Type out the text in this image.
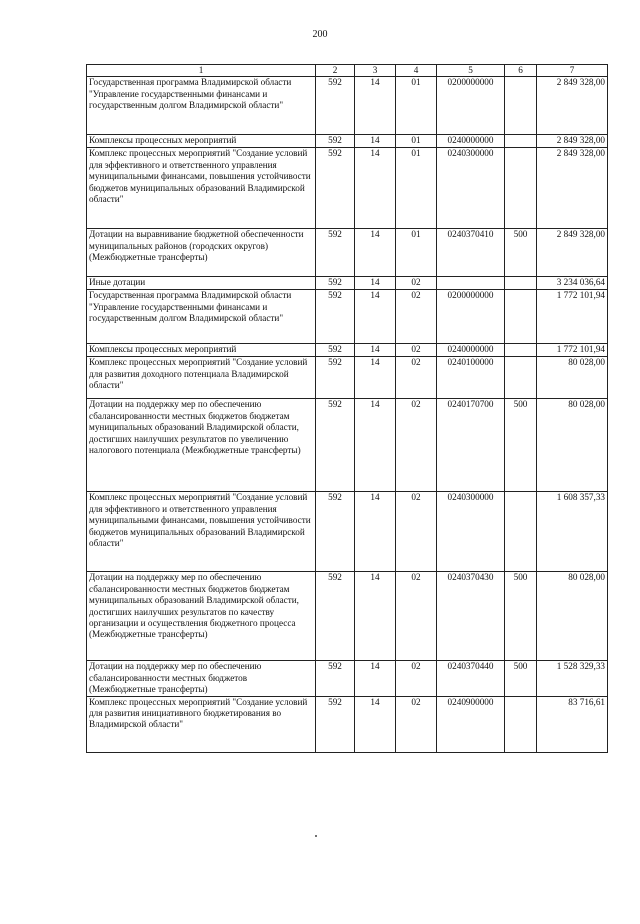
200
1	2	3	4	5	6	7
Государственная программа Владимирской области "Управление государственными финансами и государственным долгом Владимирской области"	592	14	01	0200000000		2 849 328,00
Комплексы процессных мероприятий	592	14	01	0240000000		2 849 328,00
Комплекс процессных мероприятий "Создание условий для эффективного и ответственного управления муниципальными финансами, повышения устойчивости бюджетов муниципальных образований Владимирской области"	592	14	01	0240300000		2 849 328,00
Дотации на выравнивание бюджетной обеспеченности муниципальных районов (городских округов) (Межбюджетные трансферты)	592	14	01	0240370410	500	2 849 328,00
Иные дотации	592	14	02			3 234 036,64
Государственная программа Владимирской области "Управление государственными финансами и государственным долгом Владимирской области"	592	14	02	0200000000		1 772 101,94
Комплексы процессных мероприятий	592	14	02	0240000000		1 772 101,94
Комплекс процессных мероприятий "Создание условий для развития доходного потенциала Владимирской области"	592	14	02	0240100000		80 028,00
Дотации на поддержку мер по обеспечению сбалансированности местных бюджетов бюджетам муниципальных образований Владимирской области, достигших наилучших результатов по увеличению налогового потенциала (Межбюджетные трансферты)	592	14	02	0240170700	500	80 028,00
Комплекс процессных мероприятий "Создание условий для эффективного и ответственного управления муниципальными финансами, повышения устойчивости бюджетов муниципальных образований Владимирской области"	592	14	02	0240300000		1 608 357,33
Дотации на поддержку мер по обеспечению сбалансированности местных бюджетов бюджетам муниципальных образований Владимирской области, достигших наилучших результатов по качеству организации и осуществления бюджетного процесса (Межбюджетные трансферты)	592	14	02	0240370430	500	80 028,00
Дотации на поддержку мер по обеспечению сбалансированности местных бюджетов (Межбюджетные трансферты)	592	14	02	0240370440	500	1 528 329,33
Комплекс процессных мероприятий "Создание условий для развития инициативного бюджетирования во Владимирской области"	592	14	02	0240900000		83 716,61
